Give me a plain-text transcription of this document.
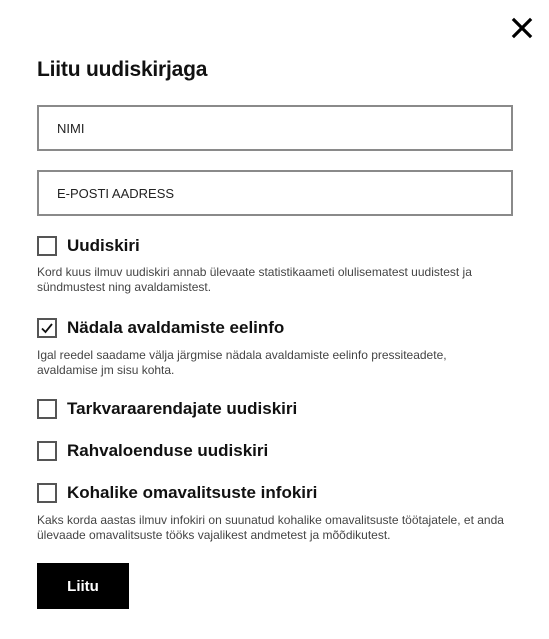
Liitu uudiskirjaga
NIMI
E-POSTI AADRESS
Uudiskiri

Kord kuus ilmuv uudiskiri annab ülevaate statistikaameti olulisematest uudistest ja sündmustest ning avaldamistest.

Nädala avaldamiste eelinfo

Igal reedel saadame välja järgmise nädala avaldamiste eelinfo pressiteadete, avaldamise jm sisu kohta.

Tarkvaraarendajate uudiskiri
Rahvaloenduse uudiskiri
Kohalike omavalitsuste infokiri

Kaks korda aastas ilmuv infokiri on suunatud kohalike omavalitsuste töötajatele, et anda ülevaade omavalitsuste tööks vajalikest andmetest ja mõõdikutest.

Liitu
